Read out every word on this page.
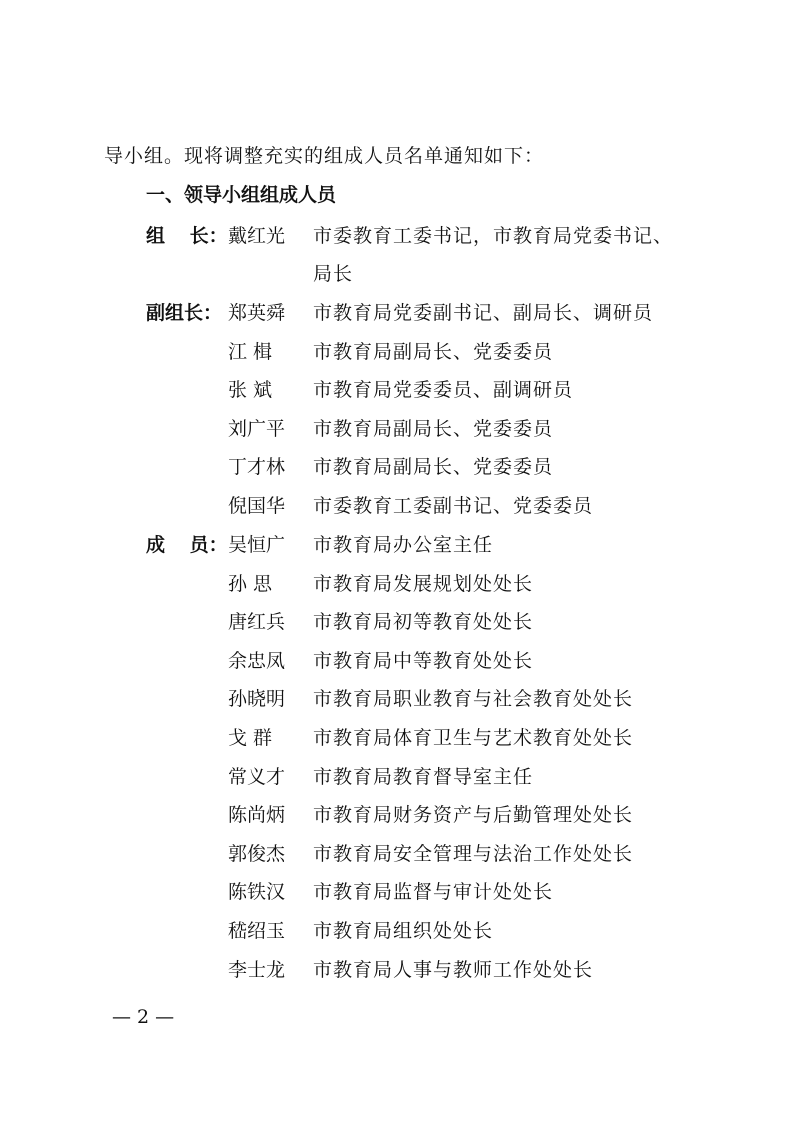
导小组。现将调整充实的组成人员名单通知如下：
一、领导小组组成人员
组 长： 戴红光	市委教育工委书记，市教育局党委书记、
局长
副组长： 郑英舜	市教育局党委副书记、副局长、调研员
江 楫	市教育局副局长、党委委员
张 斌	市教育局党委委员、副调研员
刘广平	市教育局副局长、党委委员
丁才林	市教育局副局长、党委委员
倪国华	市委教育工委副书记、党委委员
成 员： 吴恒广	市教育局办公室主任
孙 思	市教育局发展规划处处长
唐红兵	市教育局初等教育处处长
余忠凤	市教育局中等教育处处长
孙晓明	市教育局职业教育与社会教育处处长
戈 群	市教育局体育卫生与艺术教育处处长
常义才	市教育局教育督导室主任
陈尚炳	市教育局财务资产与后勤管理处处长
郭俊杰	市教育局安全管理与法治工作处处长
陈铁汉	市教育局监督与审计处处长
嵇绍玉	市教育局组织处处长
李士龙	市教育局人事与教师工作处处长
— 2 —
